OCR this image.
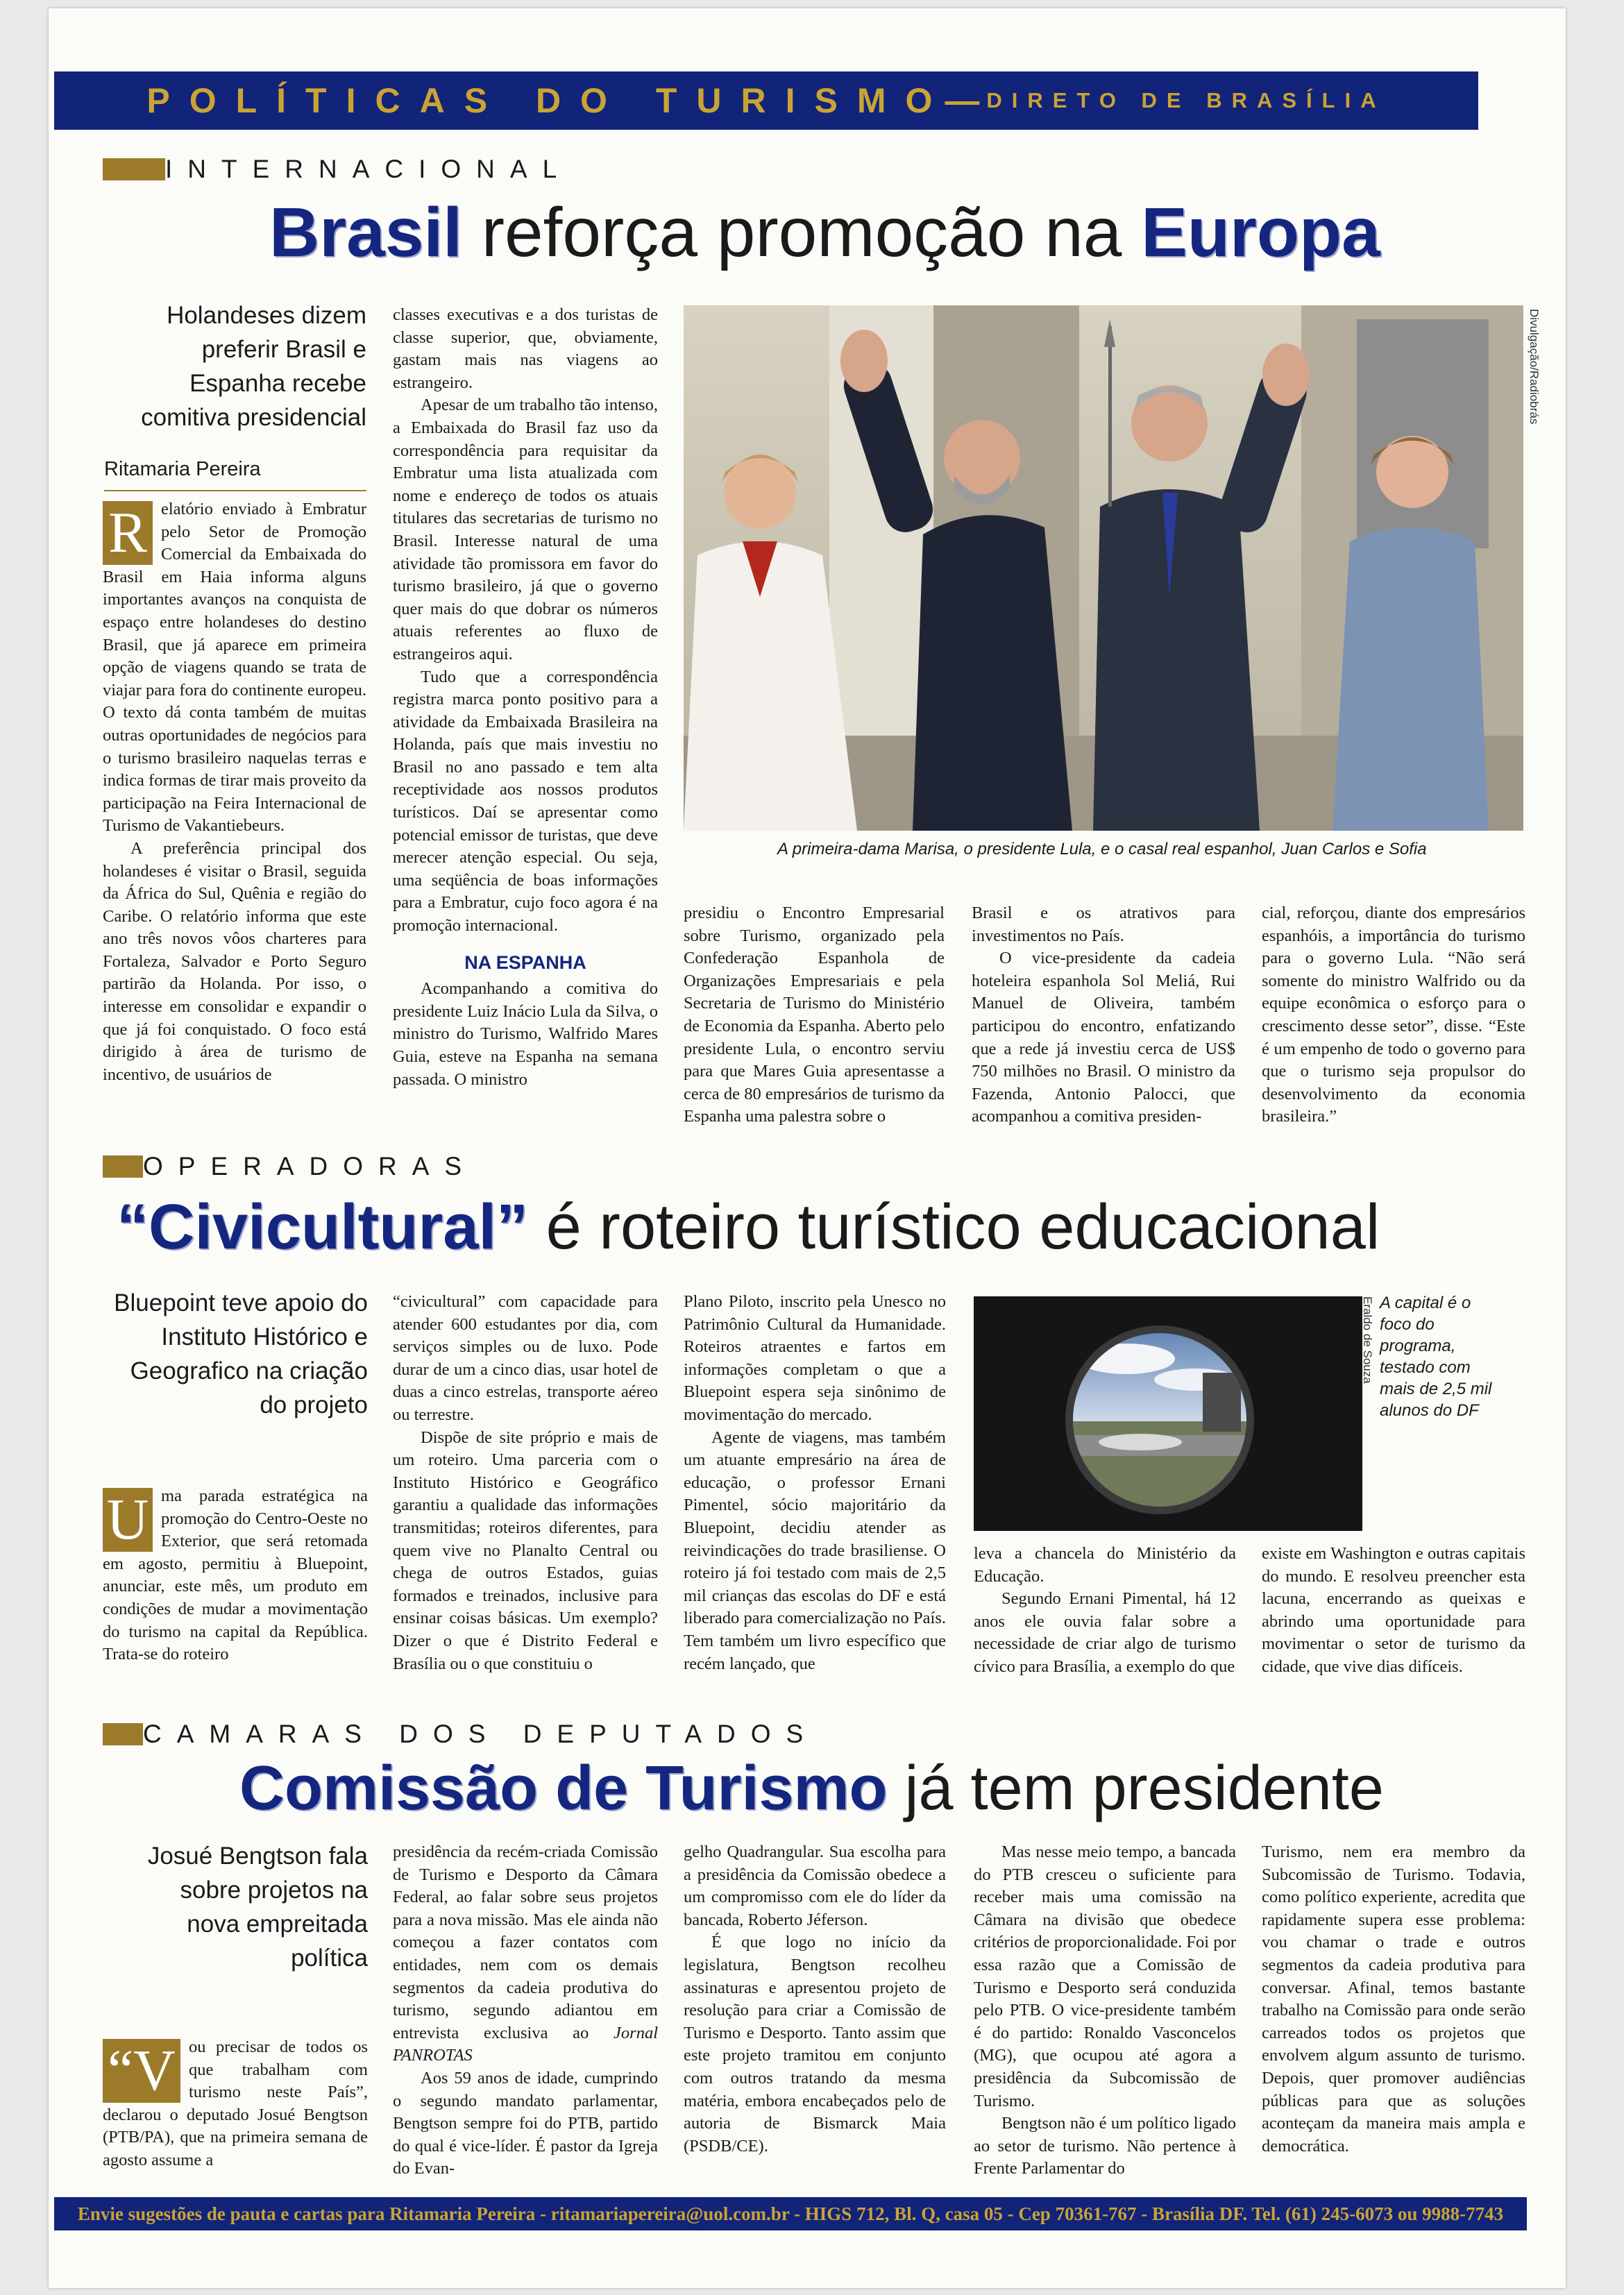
POLÍTICAS DO TURISMO
— DIRETO DE BRASÍLIA
INTERNACIONAL
Brasil reforça promoção na Europa
Holandeses dizem preferir Brasil e Espanha recebe comitiva presidencial
Ritamaria Pereira
R elatório enviado à Embratur pelo Setor de Promoção Comercial da Embaixada do Brasil em Haia informa alguns importantes avanços na conquista de espaço entre holandeses do destino Brasil, que já aparece em primeira opção de viagens quando se trata de viajar para fora do continente europeu. O texto dá conta também de muitas outras oportunidades de negócios para o turismo brasileiro naquelas terras e indica formas de tirar mais proveito da participação na Feira Internacional de Turismo de Vakantiebeurs.

A preferência principal dos holandeses é visitar o Brasil, seguida da África do Sul, Quênia e região do Caribe. O relatório informa que este ano três novos vôos charteres para Fortaleza, Salvador e Porto Seguro partirão da Holanda. Por isso, o interesse em consolidar e expandir o que já foi conquistado. O foco está dirigido à área de turismo de incentivo, de usuários de

classes executivas e a dos turistas de classe superior, que, obviamente, gastam mais nas viagens ao estrangeiro.

Apesar de um trabalho tão intenso, a Embaixada do Brasil faz uso da correspondência para requisitar da Embratur uma lista atualizada com nome e endereço de todos os atuais titulares das secretarias de turismo no Brasil. Interesse natural de uma atividade tão promissora em favor do turismo brasileiro, já que o governo quer mais do que dobrar os números atuais referentes ao fluxo de estrangeiros aqui.

Tudo que a correspondência registra marca ponto positivo para a atividade da Embaixada Brasileira na Holanda, país que mais investiu no Brasil no ano passado e tem alta receptividade aos nossos produtos turísticos. Daí se apresentar como potencial emissor de turistas, que deve merecer atenção especial. Ou seja, uma seqüência de boas informações para a Embratur, cujo foco agora é na promoção internacional.

NA ESPANHA

Acompanhando a comitiva do presidente Luiz Inácio Lula da Silva, o ministro do Turismo, Walfrido Mares Guia, esteve na Espanha na semana passada. O ministro

Divulgação/Radiobrás
A primeira-dama Marisa, o presidente Lula, e o casal real espanhol, Juan Carlos e Sofia

presidiu o Encontro Empresarial sobre Turismo, organizado pela Confederação Espanhola de Organizações Empresariais e pela Secretaria de Turismo do Ministério de Economia da Espanha. Aberto pelo presidente Lula, o encontro serviu para que Mares Guia apresentasse a cerca de 80 empresários de turismo da Espanha uma palestra sobre o

Brasil e os atrativos para investimentos no País.

O vice-presidente da cadeia hoteleira espanhola Sol Meliá, Rui Manuel de Oliveira, também participou do encontro, enfatizando que a rede já investiu cerca de US$ 750 milhões no Brasil. O ministro da Fazenda, Antonio Palocci, que acompanhou a comitiva presiden-

cial, reforçou, diante dos empresários espanhóis, a importância do turismo para o governo Lula. “Não será somente do ministro Walfrido ou da equipe econômica o esforço para o crescimento desse setor”, disse. “Este é um empenho de todo o governo para que o turismo seja propulsor do desenvolvimento da economia brasileira.”

OPERADORAS
“Civicultural” é roteiro turístico educacional
Bluepoint teve apoio do Instituto Histórico e Geografico na criação do projeto
U ma parada estratégica na promoção do Centro-Oeste no Exterior, que será retomada em agosto, permitiu à Bluepoint, anunciar, este mês, um produto em condições de mudar a movimentação do turismo na capital da República. Trata-se do roteiro

“civicultural” com capacidade para atender 600 estudantes por dia, com serviços simples ou de luxo. Pode durar de um a cinco dias, usar hotel de duas a cinco estrelas, transporte aéreo ou terrestre.

Dispõe de site próprio e mais de um roteiro. Uma parceria com o Instituto Histórico e Geográfico garantiu a qualidade das informações transmitidas; roteiros diferentes, para quem vive no Planalto Central ou chega de outros Estados, guias formados e treinados, inclusive para ensinar coisas básicas. Um exemplo? Dizer o que é Distrito Federal e Brasília ou o que constituiu o

Plano Piloto, inscrito pela Unesco no Patrimônio Cultural da Humanidade. Roteiros atraentes e fartos em informações completam o que a Bluepoint espera seja sinônimo de movimentação do mercado.

Agente de viagens, mas também um atuante empresário na área de educação, o professor Ernani Pimentel, sócio majoritário da Bluepoint, decidiu atender as reivindicações do trade brasiliense. O roteiro já foi testado com mais de 2,5 mil crianças das escolas do DF e está liberado para comercialização no País. Tem também um livro específico que recém lançado, que

Eraldo de Souza A capital é o foco do programa, testado com mais de 2,5 mil alunos do DF

leva a chancela do Ministério da Educação.

Segundo Ernani Pimental, há 12 anos ele ouvia falar sobre a necessidade de criar algo de turismo cívico para Brasília, a exemplo do que

existe em Washington e outras capitais do mundo. E resolveu preencher esta lacuna, encerrando as queixas e abrindo uma oportunidade para movimentar o setor de turismo da cidade, que vive dias difíceis.

CAMARAS DOS DEPUTADOS
Comissão de Turismo já tem presidente
Josué Bengtson fala sobre projetos na nova empreitada política
“V ou precisar de todos os que trabalham com turismo neste País”, declarou o deputado Josué Bengtson (PTB/PA), que na primeira semana de agosto assume a

presidência da recém-criada Comissão de Turismo e Desporto da Câmara Federal, ao falar sobre seus projetos para a nova missão. Mas ele ainda não começou a fazer contatos com entidades, nem com os demais segmentos da cadeia produtiva do turismo, segundo adiantou em entrevista exclusiva ao Jornal PANROTAS

Aos 59 anos de idade, cumprindo o segundo mandato parlamentar, Bengtson sempre foi do PTB, partido do qual é vice-líder. É pastor da Igreja do Evan-

gelho Quadrangular. Sua escolha para a presidência da Comissão obedece a um compromisso com ele do líder da bancada, Roberto Jéferson.

É que logo no início da legislatura, Bengtson recolheu assinaturas e apresentou projeto de resolução para criar a Comissão de Turismo e Desporto. Tanto assim que este projeto tramitou em conjunto com outros tratando da mesma matéria, embora encabeçados pelo de autoria de Bismarck Maia (PSDB/CE).

Mas nesse meio tempo, a bancada do PTB cresceu o suficiente para receber mais uma comissão na Câmara na divisão que obedece critérios de proporcionalidade. Foi por essa razão que a Comissão de Turismo e Desporto será conduzida pelo PTB. O vice-presidente também é do partido: Ronaldo Vasconcelos (MG), que ocupou até agora a presidência da Subcomissão de Turismo.

Bengtson não é um político ligado ao setor de turismo. Não pertence à Frente Parlamentar do

Turismo, nem era membro da Subcomissão de Turismo. Todavia, como político experiente, acredita que rapidamente supera esse problema: vou chamar o trade e outros segmentos da cadeia produtiva para conversar. Afinal, temos bastante trabalho na Comissão para onde serão carreados todos os projetos que envolvem algum assunto de turismo. Depois, quer promover audiências públicas para que as soluções aconteçam da maneira mais ampla e democrática.

Envie sugestões de pauta e cartas para Ritamaria Pereira - ritamariapereira@uol.com.br - HIGS 712, Bl. Q, casa 05 - Cep 70361-767 - Brasília DF. Tel. (61) 245-6073 ou 9988-7743
